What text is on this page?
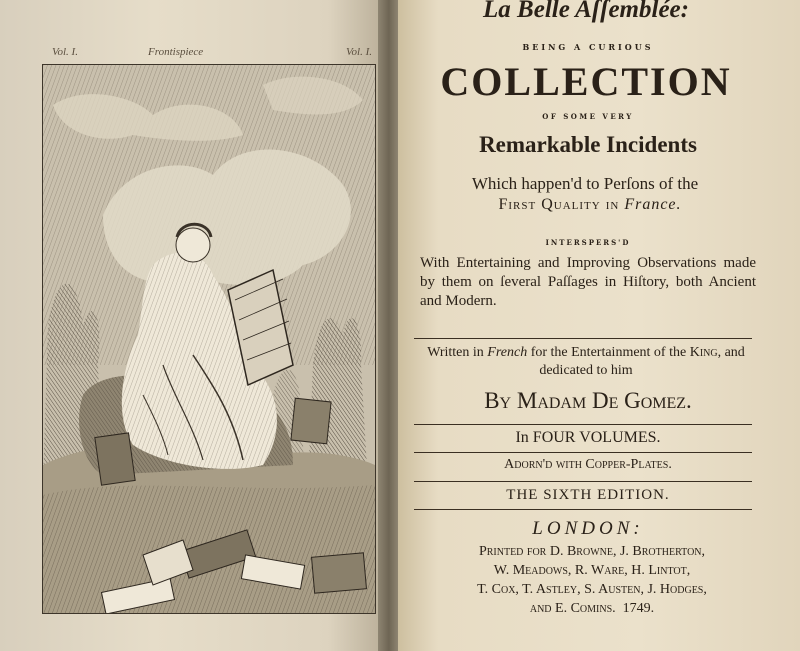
Vol. I.	Frontispiece	Vol. I.
La Belle Aſſemblée:
BEING A CURIOUS
COLLECTION
OF SOME VERY
Remarkable Incidents
Which happen'd to Perſons of the
First Quality in France.
INTERSPERS'D
With Entertaining and Improving Observations made by them on ſeveral Paſſages in Hiſtory, both Ancient and Modern.
Written in French for the Entertainment of the King, and dedicated to him
By Madam De Gomez.
In FOUR VOLUMES.
Adorn'd with Copper-Plates.
THE SIXTH EDITION.
LONDON:
Printed for D. Browne, J. Brotherton,
W. Meadows, R. Ware, H. Lintot,
T. Cox, T. Astley, S. Austen, J. Hodges,
and E. Comins. 1749.
